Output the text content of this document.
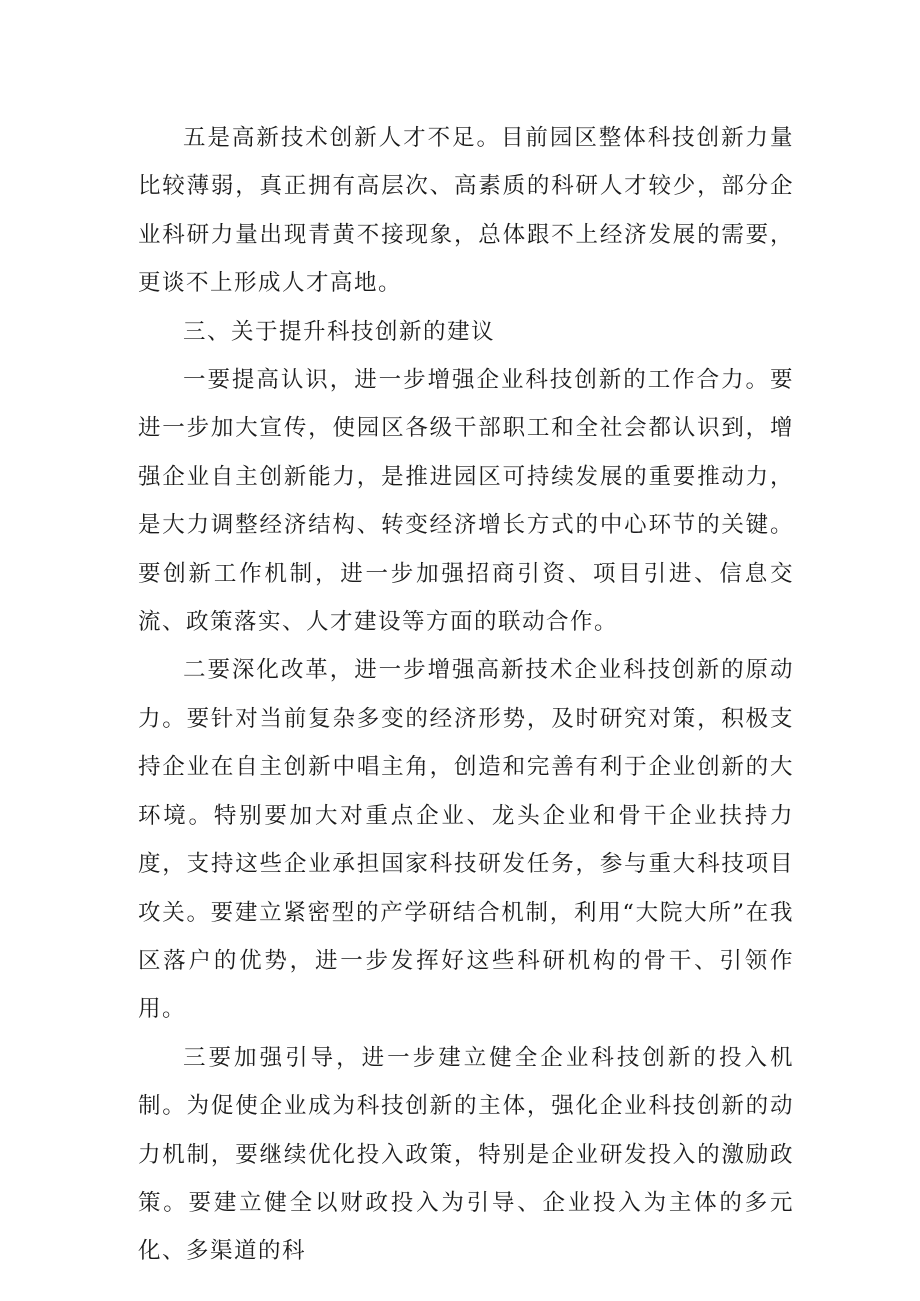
五是高新技术创新人才不足。目前园区整体科技创新力量比较薄弱，真正拥有高层次、高素质的科研人才较少，部分企业科研力量出现青黄不接现象，总体跟不上经济发展的需要，更谈不上形成人才高地。

三、关于提升科技创新的建议

一要提高认识，进一步增强企业科技创新的工作合力。要进一步加大宣传，使园区各级干部职工和全社会都认识到，增强企业自主创新能力，是推进园区可持续发展的重要推动力，是大力调整经济结构、转变经济增长方式的中心环节的关键。要创新工作机制，进一步加强招商引资、项目引进、信息交流、政策落实、人才建设等方面的联动合作。

二要深化改革，进一步增强高新技术企业科技创新的原动力。要针对当前复杂多变的经济形势，及时研究对策，积极支持企业在自主创新中唱主角，创造和完善有利于企业创新的大环境。特别要加大对重点企业、龙头企业和骨干企业扶持力度，支持这些企业承担国家科技研发任务，参与重大科技项目攻关。要建立紧密型的产学研结合机制，利用“大院大所”在我区落户的优势，进一步发挥好这些科研机构的骨干、引领作用。

三要加强引导，进一步建立健全企业科技创新的投入机制。为促使企业成为科技创新的主体，强化企业科技创新的动力机制，要继续优化投入政策，特别是企业研发投入的激励政策。要建立健全以财政投入为引导、企业投入为主体的多元化、多渠道的科
